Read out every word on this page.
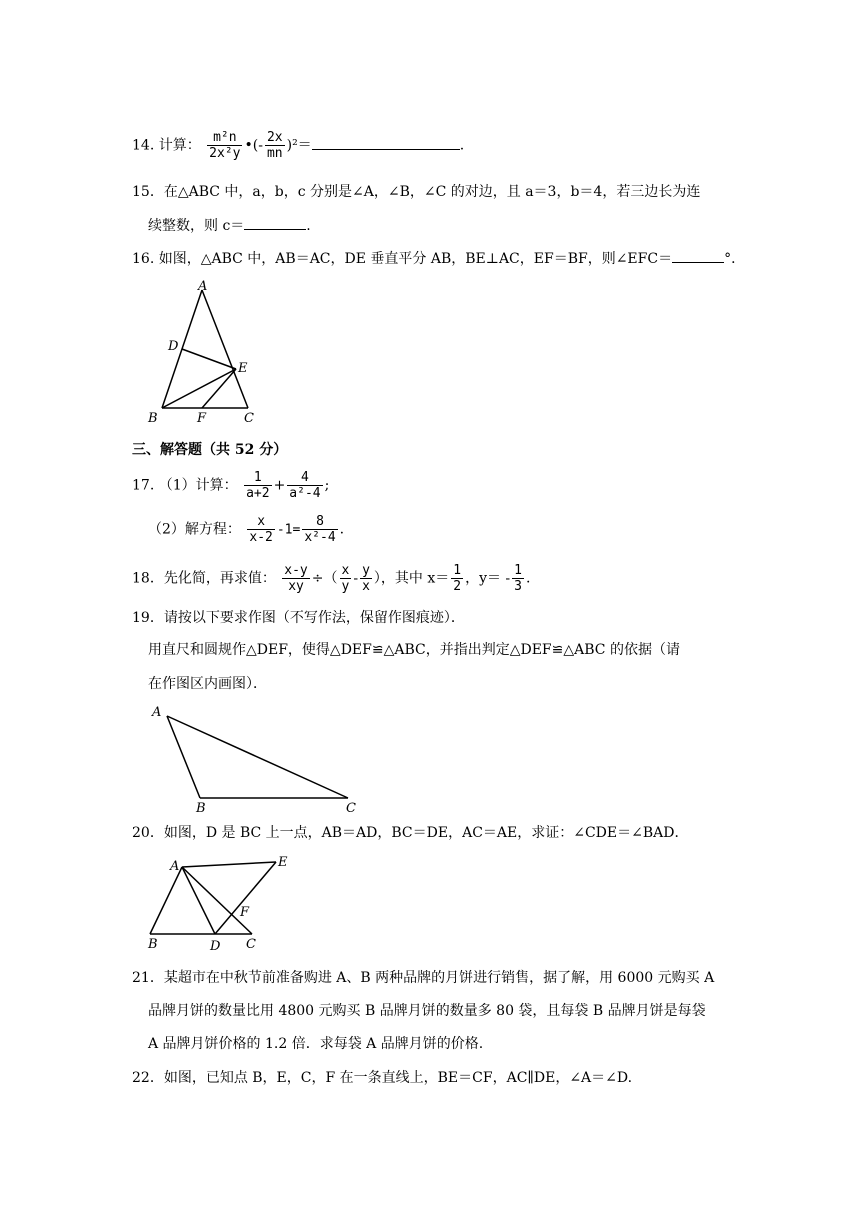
14. 计算： $\frac{\text{m²n}}{\text{2x²y}}$ •(- $\frac{2x}{mn} )^2=$	.
15．在△ABC 中，a，b，c 分别是∠A，∠B，∠C 的对边，且 a＝3，b＝4，若三边长为连
续整数，则 c＝	.
16. 如图，△ABC 中，AB＝AC，DE 垂直平分 AB，BE⊥AC，EF＝BF，则∠EFC＝	°．
A
D
E
B	F	C
三、解答题（共 52 分）
17. （1）计算： $\frac{1}{a+2} + \frac{4}{\text{a²-4}}$ ;
（2）解方程： $\frac{x}{x-2} -1= \frac{8}{\text{x²-4}}$ .
18．先化简，再求值： $\frac{x-y}{xy}$ ÷（ $\frac{x}{y} - \frac{y}{x}$ ），其中 $x= \frac{1}{2}$ ，$y= - \frac{1}{3}$ .
19．请按以下要求作图（不写作法，保留作图痕迹）．
用直尺和圆规作△DEF，使得△DEF≌△ABC，并指出判定△DEF≌△ABC 的依据（请
在作图区内画图）．
A
B	C
20．如图，D 是 BC 上一点，AB＝AD，BC＝DE，AC＝AE，求证：∠CDE＝∠BAD．
A	E
F
B	D C
21．某超市在中秋节前准备购进 A、B 两种品牌的月饼进行销售，据了解，用 6000 元购买 A
品牌月饼的数量比用 4800 元购买 B 品牌月饼的数量多 80 袋，且每袋 B 品牌月饼是每袋
A 品牌月饼价格的 1.2 倍．求每袋 A 品牌月饼的价格.
22．如图，已知点 B，E，C，F 在一条直线上，BE＝CF，AC∥DE，∠A＝∠D.
